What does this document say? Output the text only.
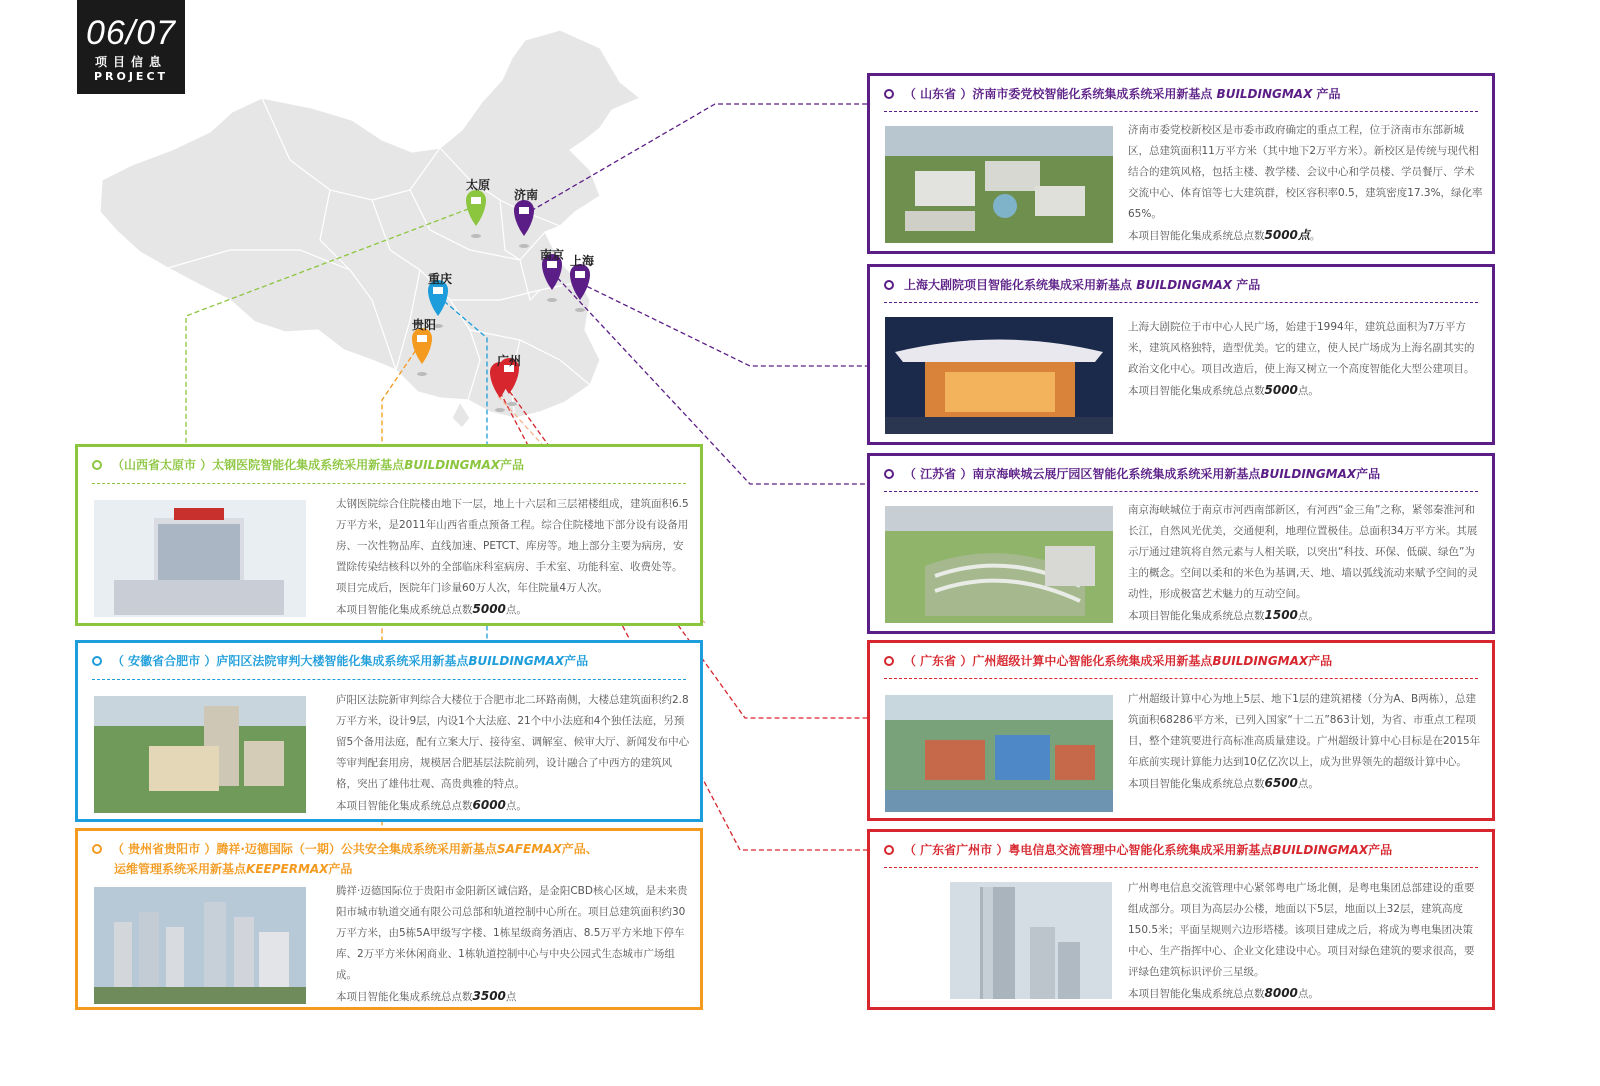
06/07
项目信息
PROJECT
太原
济南
南京 上海
重庆
贵阳
广州
（ 山东省 ）济南市委党校智能化系统集成系统采用新基点 BUILDINGMAX 产品
济南市委党校新校区是市委市政府确定的重点工程，位于济南市东部新城区，总建筑面积11万平方米（其中地下2万平方米）。新校区是传统与现代相结合的建筑风格，包括主楼、教学楼、会议中心和学员楼、学员餐厅、学术交流中心、体育馆等七大建筑群，校区容积率0.5，建筑密度17.3%，绿化率65%。
本项目智能化集成系统总点数5000点。
上海大剧院项目智能化系统集成采用新基点 BUILDINGMAX 产品
上海大剧院位于市中心人民广场，始建于1994年，建筑总面积为7万平方米，建筑风格独特，造型优美。它的建立，使人民广场成为上海名副其实的政治文化中心。项目改造后，使上海又树立一个高度智能化大型公建项目。
本项目智能化集成系统总点数5000点。
（ 江苏省 ）南京海峡城云展厅园区智能化系统集成系统采用新基点BUILDINGMAX产品
南京海峡城位于南京市河西南部新区，有河西“金三角”之称，紧邻秦淮河和长江，自然风光优美，交通便利，地理位置极佳。总面积34万平方米。其展示厅通过建筑将自然元素与人相关联，以突出“科技、环保、低碳、绿色”为主的概念。空间以柔和的米色为基调,天、地、墙以弧线流动来赋予空间的灵动性，形成极富艺术魅力的互动空间。
本项目智能化集成系统总点数1500点。
（ 广东省 ）广州超级计算中心智能化系统集成采用新基点BUILDINGMAX产品
广州超级计算中心为地上5层、地下1层的建筑裙楼（分为A、B两栋），总建筑面积68286平方米，已列入国家“十二五”863计划，为省、市重点工程项目，整个建筑要进行高标准高质量建设。广州超级计算中心目标是在2015年年底前实现计算能力达到10亿亿次以上，成为世界领先的超级计算中心。
本项目智能化集成系统总点数6500点。
（ 广东省广州市 ）粤电信息交流管理中心智能化系统集成采用新基点BUILDINGMAX产品
广州粤电信息交流管理中心紧邻粤电广场北侧，是粤电集团总部建设的重要组成部分。项目为高层办公楼，地面以下5层，地面以上32层，建筑高度150.5米；平面呈规则六边形塔楼。该项目建成之后，将成为粤电集团决策中心、生产指挥中心、企业文化建设中心。项目对绿色建筑的要求很高，要评绿色建筑标识评价三星级。
本项目智能化集成系统总点数8000点。
（山西省太原市 ）太钢医院智能化集成系统采用新基点BUILDINGMAX产品
太钢医院综合住院楼由地下一层，地上十六层和三层裙楼组成，建筑面积6.5万平方米，是2011年山西省重点预备工程。综合住院楼地下部分设有设备用房、一次性物品库、直线加速、PETCT、库房等。地上部分主要为病房，安置除传染结核科以外的全部临床科室病房、手术室、功能科室、收费处等。项目完成后，医院年门诊量60万人次，年住院量4万人次。
本项目智能化集成系统总点数5000点。
（ 安徽省合肥市 ）庐阳区法院审判大楼智能化集成系统采用新基点BUILDINGMAX产品
庐阳区法院新审判综合大楼位于合肥市北二环路南侧，大楼总建筑面积约2.8万平方米，设计9层，内设1个大法庭、21个中小法庭和4个独任法庭，另预留5个备用法庭，配有立案大厅、接待室、调解室、候审大厅、新闻发布中心等审判配套用房，规模居合肥基层法院前列，设计融合了中西方的建筑风格，突出了雄伟壮观、高贵典雅的特点。
本项目智能化集成系统总点数6000点。
（ 贵州省贵阳市 ）腾祥·迈德国际（一期）公共安全集成系统采用新基点SAFEMAX产品、
运维管理系统采用新基点KEEPERMAX产品
腾祥·迈德国际位于贵阳市金阳新区诚信路，是金阳CBD核心区域，是未来贵阳市城市轨道交通有限公司总部和轨道控制中心所在。项目总建筑面积约30万平方米，由5栋5A甲级写字楼、1栋星级商务酒店、8.5万平方米地下停车库、2万平方米休闲商业、1栋轨道控制中心与中央公园式生态城市广场组成。
本项目智能化集成系统总点数3500点
